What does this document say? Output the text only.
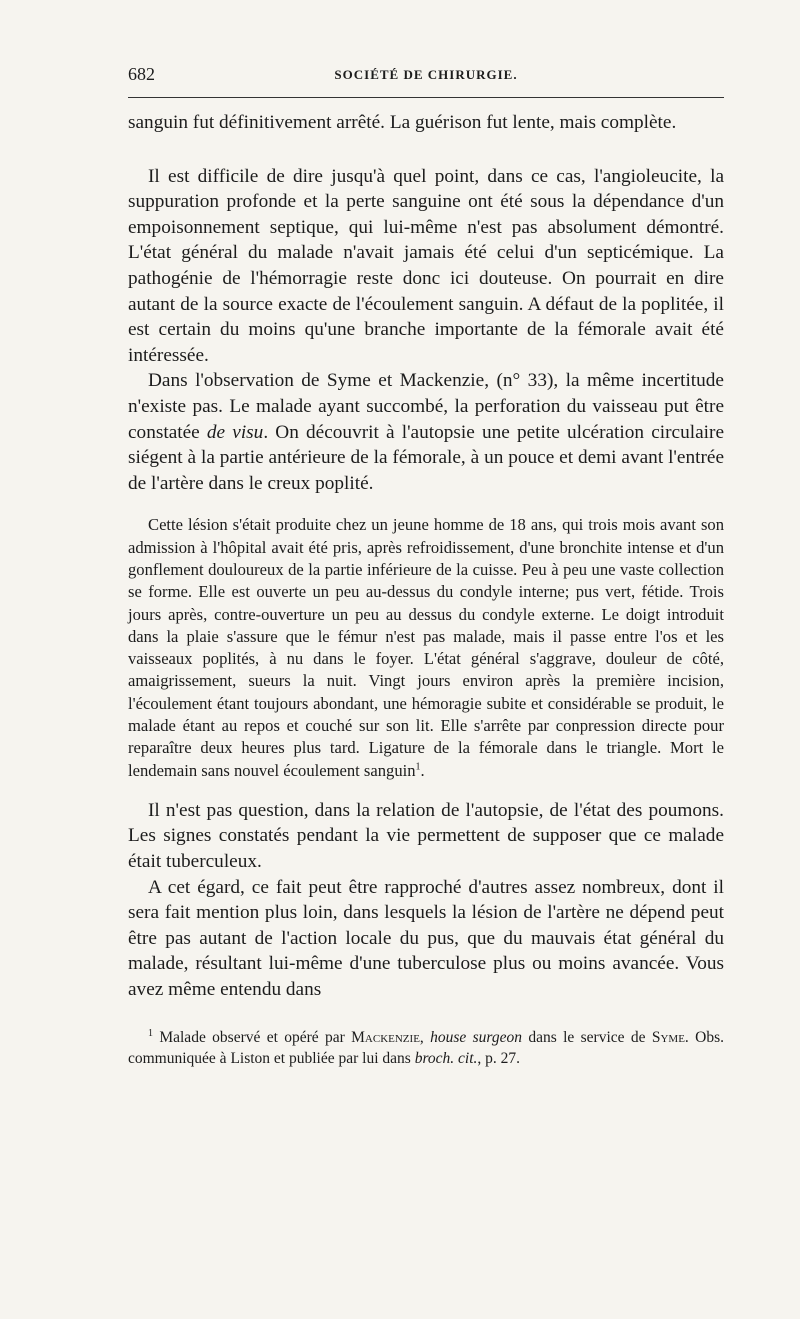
682	SOCIÉTÉ DE CHIRURGIE.

sanguin fut définitivement arrêté. La guérison fut lente, mais complète.

Il est difficile de dire jusqu'à quel point, dans ce cas, l'angioleucite, la suppuration profonde et la perte sanguine ont été sous la dépendance d'un empoisonnement septique, qui lui-même n'est pas absolument démontré. L'état général du malade n'avait jamais été celui d'un septicémique. La pathogénie de l'hémorragie reste donc ici douteuse. On pourrait en dire autant de la source exacte de l'écoulement sanguin. A défaut de la poplitée, il est certain du moins qu'une branche importante de la fémorale avait été intéressée.

Dans l'observation de Syme et Mackenzie, (n° 33), la même incertitude n'existe pas. Le malade ayant succombé, la perforation du vaisseau put être constatée de visu. On découvrit à l'autopsie une petite ulcération circulaire siégent à la partie antérieure de la fémorale, à un pouce et demi avant l'entrée de l'artère dans le creux poplité.

Cette lésion s'était produite chez un jeune homme de 18 ans, qui trois mois avant son admission à l'hôpital avait été pris, après refroidissement, d'une bronchite intense et d'un gonflement douloureux de la partie inférieure de la cuisse. Peu à peu une vaste collection se forme. Elle est ouverte un peu au-dessus du condyle interne; pus vert, fétide. Trois jours après, contre-ouverture un peu au dessus du condyle externe. Le doigt introduit dans la plaie s'assure que le fémur n'est pas malade, mais il passe entre l'os et les vaisseaux poplités, à nu dans le foyer. L'état général s'aggrave, douleur de côté, amaigrissement, sueurs la nuit. Vingt jours environ après la première incision, l'écoulement étant toujours abondant, une hémoragie subite et considérable se produit, le malade étant au repos et couché sur son lit. Elle s'arrête par conpression directe pour reparaître deux heures plus tard. Ligature de la fémorale dans le triangle. Mort le lendemain sans nouvel écoulement sanguin$^1$.

Il n'est pas question, dans la relation de l'autopsie, de l'état des poumons. Les signes constatés pendant la vie permettent de supposer que ce malade était tuberculeux.

A cet égard, ce fait peut être rapproché d'autres assez nombreux, dont il sera fait mention plus loin, dans lesquels la lésion de l'artère ne dépend peut être pas autant de l'action locale du pus, que du mauvais état général du malade, résultant lui-même d'une tuberculose plus ou moins avancée. Vous avez même entendu dans

$^1$ Malade observé et opéré par Mackenzie, house surgeon dans le service de Syme. Obs. communiquée à Liston et publiée par lui dans broch. cit., p. 27.
